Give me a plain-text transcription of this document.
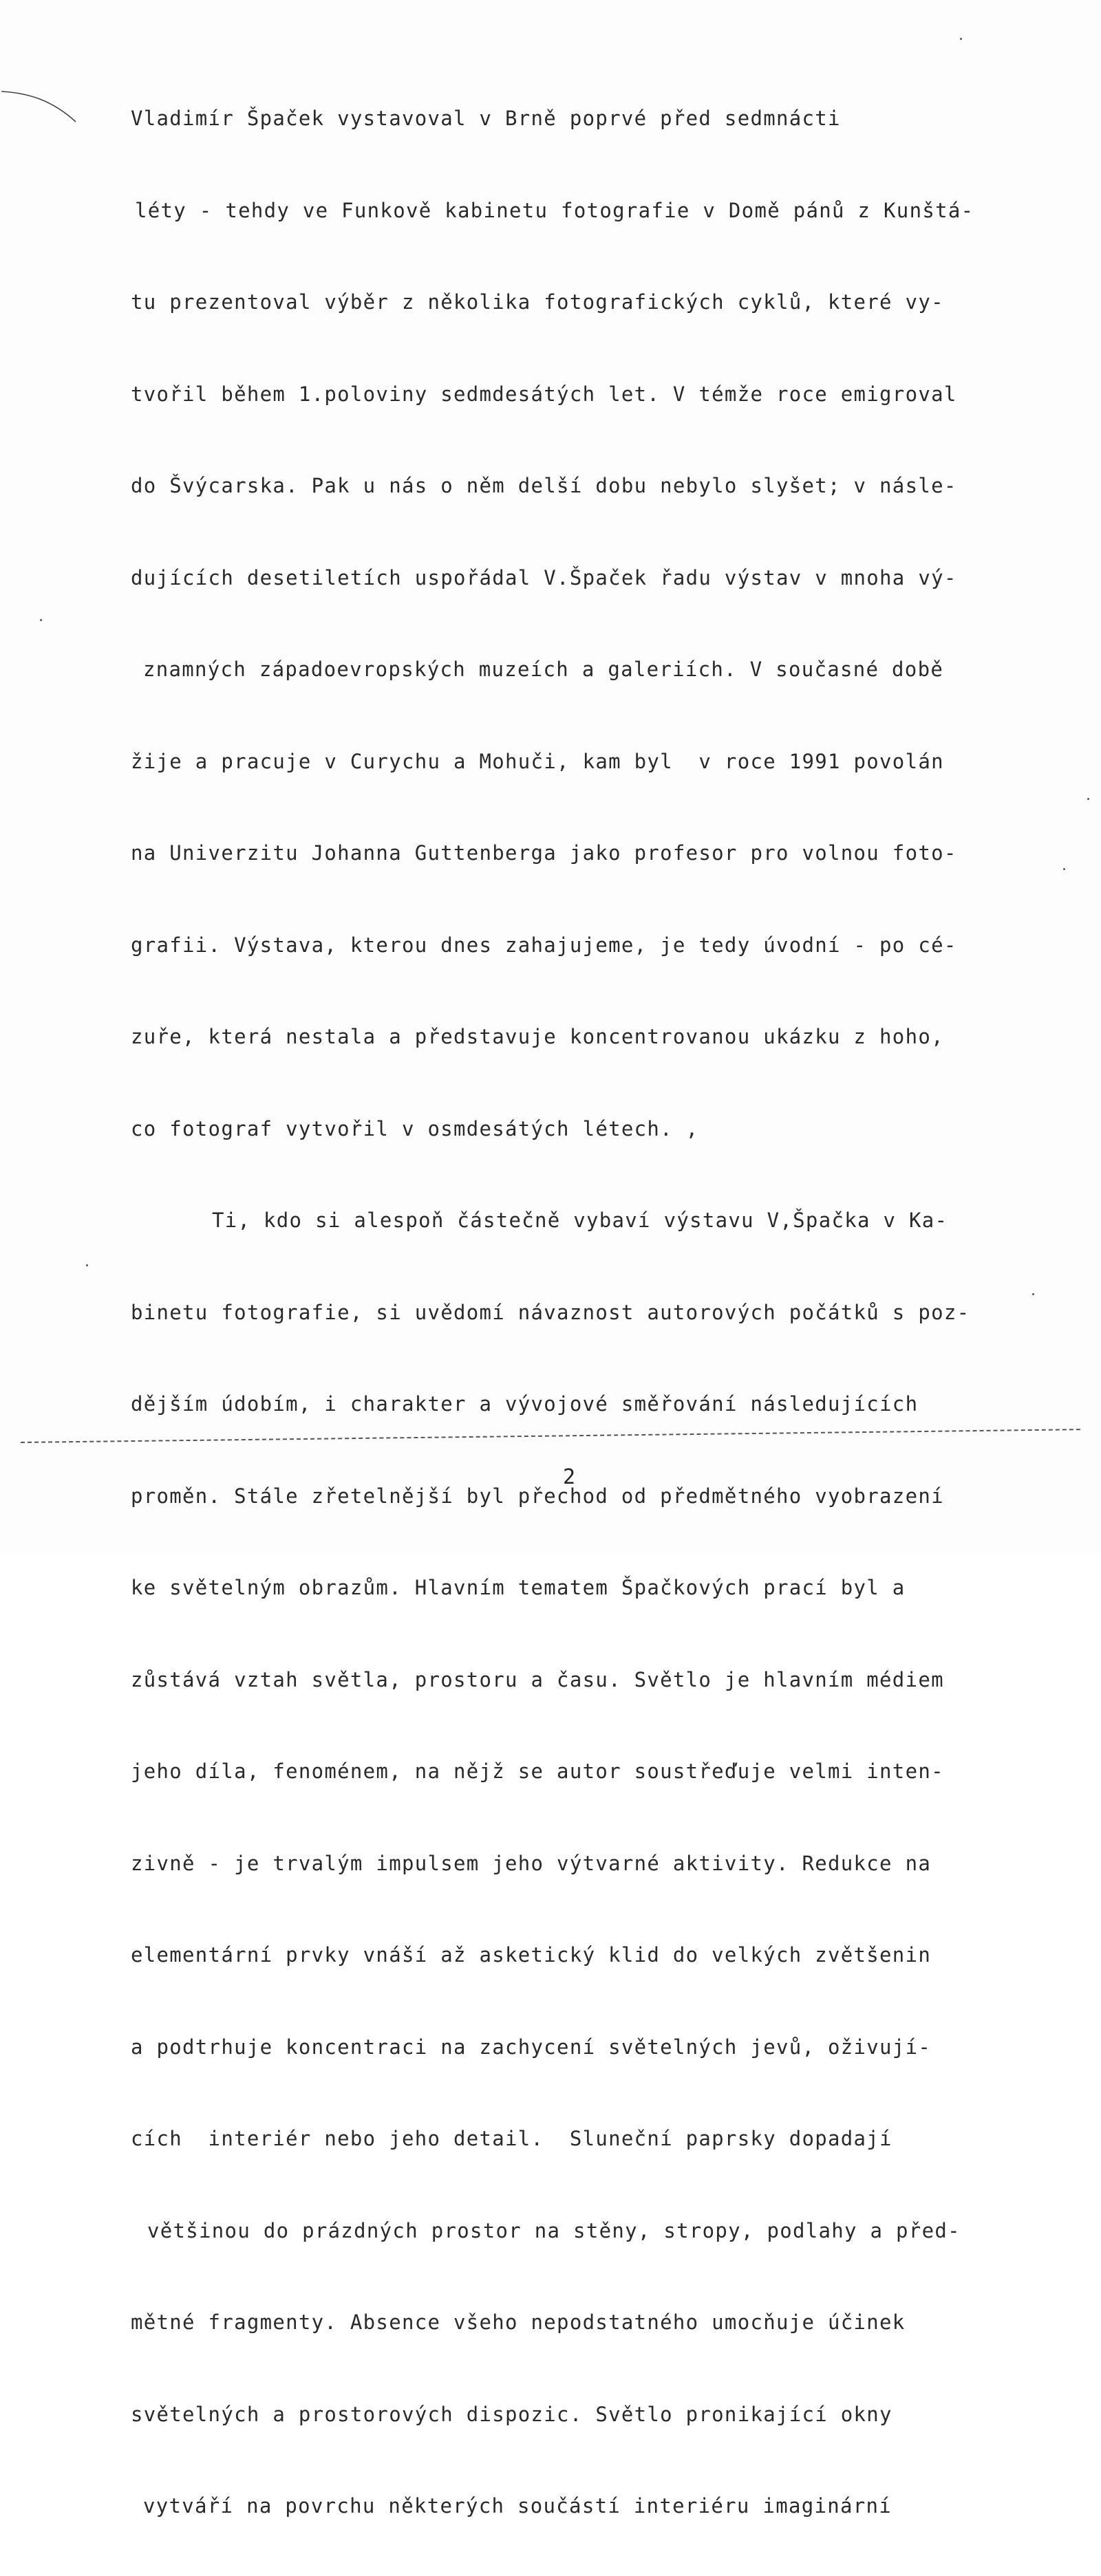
Vladimír Špaček vystavoval v Brně poprvé před sedmnácti

léty - tehdy ve Funkově kabinetu fotografie v Domě pánů z Kunštá-

tu prezentoval výběr z několika fotografických cyklů, které vy-

tvořil během 1.poloviny sedmdesátých let. V témže roce emigroval

do Švýcarska. Pak u nás o něm delší dobu nebylo slyšet; v násle-

dujících desetiletích uspořádal V.Špaček řadu výstav v mnoha vý-

znamných západoevropských muzeích a galeriích. V současné době

žije a pracuje v Curychu a Mohuči, kam byl  v roce 1991 povolán

na Univerzitu Johanna Guttenberga jako profesor pro volnou foto-

grafii. Výstava, kterou dnes zahajujeme, je tedy úvodní - po cé-

zuře, která nestala a představuje koncentrovanou ukázku z hoho,

co fotograf vytvořil v osmdesátých létech. ,

Ti, kdo si alespoň částečně vybaví výstavu V,Špačka v Ka-

binetu fotografie, si uvědomí návaznost autorových počátků s poz-

dějším údobím, i charakter a vývojové směřování následujících

proměn. Stále zřetelnější byl přechod od předmětného vyobrazení

ke světelným obrazům. Hlavním tematem Špačkových prací byl a

zůstává vztah světla, prostoru a času. Světlo je hlavním médiem

jeho díla, fenoménem, na nějž se autor soustřeďuje velmi inten-

zivně - je trvalým impulsem jeho výtvarné aktivity. Redukce na

elementární prvky vnáší až asketický klid do velkých zvětšenin

a podtrhuje koncentraci na zachycení světelných jevů, oživují-

cích  interiér nebo jeho detail.  Sluneční paprsky dopadají

většinou do prázdných prostor na stěny, stropy, podlahy a před-

mětné fragmenty. Absence všeho nepodstatného umocňuje účinek

světelných a prostorových dispozic. Světlo pronikající okny

vytváří na povrchu některých součástí interiéru imaginární

2
